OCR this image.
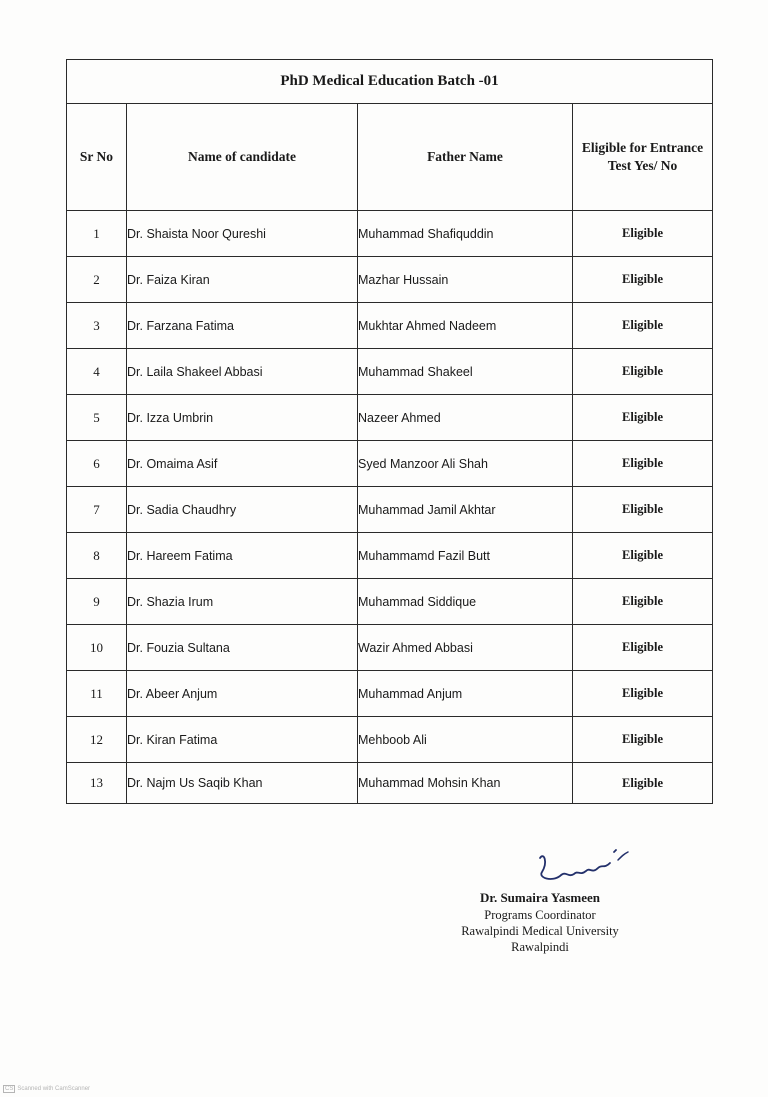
PhD Medical Education Batch -01			
Sr No	Name of candidate	Father Name	Eligible for Entrance Test Yes/ No
1	Dr. Shaista Noor Qureshi	Muhammad Shafiquddin	Eligible
2	Dr. Faiza Kiran	Mazhar Hussain	Eligible
3	Dr. Farzana Fatima	Mukhtar Ahmed Nadeem	Eligible
4	Dr. Laila Shakeel Abbasi	Muhammad Shakeel	Eligible
5	Dr. Izza Umbrin	Nazeer Ahmed	Eligible
6	Dr. Omaima Asif	Syed Manzoor Ali Shah	Eligible
7	Dr. Sadia Chaudhry	Muhammad Jamil Akhtar	Eligible
8	Dr. Hareem Fatima	Muhammamd Fazil Butt	Eligible
9	Dr. Shazia Irum	Muhammad Siddique	Eligible
10	Dr. Fouzia Sultana	Wazir Ahmed Abbasi	Eligible
11	Dr. Abeer Anjum	Muhammad Anjum	Eligible
12	Dr. Kiran Fatima	Mehboob Ali	Eligible
13	Dr. Najm Us Saqib Khan	Muhammad Mohsin Khan	Eligible
Dr. Sumaira Yasmeen
Programs Coordinator
Rawalpindi Medical University
Rawalpindi
CS Scanned with CamScanner
